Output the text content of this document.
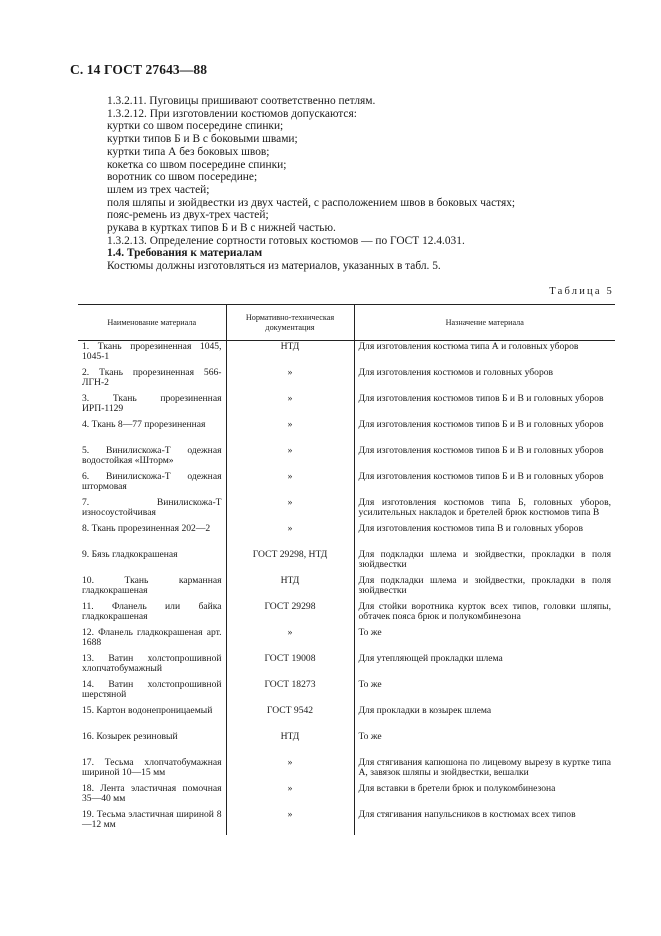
С. 14 ГОСТ 27643—88
1.3.2.11. Пуговицы пришивают соответственно петлям.
1.3.2.12. При изготовлении костюмов допускаются:
куртки со швом посередине спинки;
куртки типов Б и В с боковыми швами;
куртки типа А без боковых швов;
кокетка со швом посередине спинки;
воротник со швом посередине;
шлем из трех частей;
поля шляпы и зюйдвестки из двух частей, с расположением швов в боковых частях;
пояс-ремень из двух-трех частей;
рукава в куртках типов Б и В с нижней частью.
1.3.2.13. Определение сортности готовых костюмов — по ГОСТ 12.4.031.
1.4. Требования к материалам
Костюмы должны изготовляться из материалов, указанных в табл. 5.
Таблица 5
Наименование материала	Нормативно-техническая документация	Назначение материала
1. Ткань прорезиненная 1045, 1045-1	НТД	Для изготовления костюма типа А и головных уборов
2. Ткань прорезиненная 566-ЛГН-2	»	Для изготовления костюмов и головных уборов
3. Ткань прорезиненная ИРП-1129	»	Для изготовления костюмов типов Б и В и головных уборов
4. Ткань 8—77 прорезиненная	»	Для изготовления костюмов типов Б и В и головных уборов
5. Винилискожа-Т одежная водостойкая «Шторм»	»	Для изготовления костюмов типов Б и В и головных уборов
6. Винилискожа-Т одежная штормовая	»	Для изготовления костюмов типов Б и В и головных уборов
7. Винилискожа-Т износоустойчивая	»	Для изготовления костюмов типа Б, головных уборов, усилительных накладок и бретелей брюк костюмов типа В
8. Ткань прорезиненная 202—2	»	Для изготовления костюмов типа В и головных уборов
9. Бязь гладкокрашеная	ГОСТ 29298, НТД	Для подкладки шлема и зюйдвестки, прокладки в поля зюйдвестки
10. Ткань карманная гладкокрашеная	НТД	Для подкладки шлема и зюйдвестки, прокладки в поля зюйдвестки
11. Фланель или байка гладкокрашеная	ГОСТ 29298	Для стойки воротника курток всех типов, головки шляпы, обтачек пояса брюк и полукомбинезона
12. Фланель гладкокрашеная арт. 1688	»	То же
13. Ватин холстопрошивной хлопчатобумажный	ГОСТ 19008	Для утепляющей прокладки шлема
14. Ватин холстопрошивной шерстяной	ГОСТ 18273	То же
15. Картон водонепроницаемый	ГОСТ 9542	Для прокладки в козырек шлема
16. Козырек резиновый	НТД	То же
17. Тесьма хлопчатобумажная шириной 10—15 мм	»	Для стягивания капюшона по лицевому вырезу в куртке типа А, завязок шляпы и зюйдвестки, вешалки
18. Лента эластичная помочная 35—40 мм	»	Для вставки в бретели брюк и полукомбинезона
19. Тесьма эластичная шириной 8—12 мм	»	Для стягивания напульсников в костюмах всех типов
